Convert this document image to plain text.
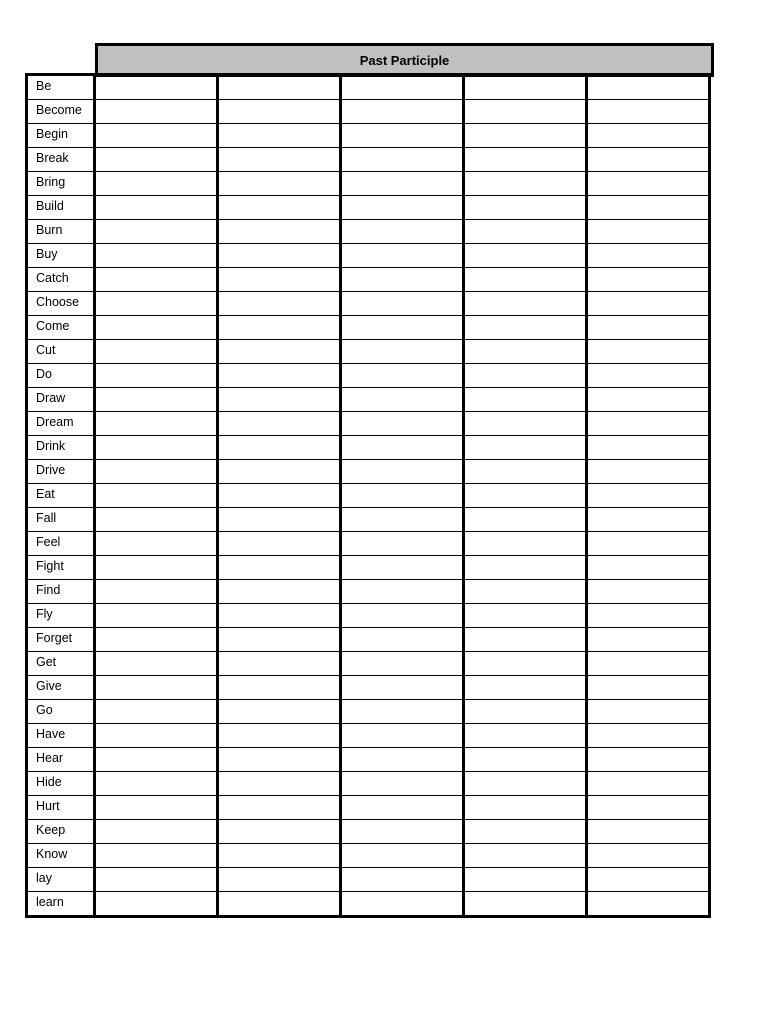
Past Participle
Be					
Become					
Begin					
Break					
Bring					
Build					
Burn					
Buy					
Catch					
Choose					
Come					
Cut					
Do					
Draw					
Dream					
Drink					
Drive					
Eat					
Fall					
Feel					
Fight					
Find					
Fly					
Forget					
Get					
Give					
Go					
Have					
Hear					
Hide					
Hurt					
Keep					
Know					
lay					
learn					
